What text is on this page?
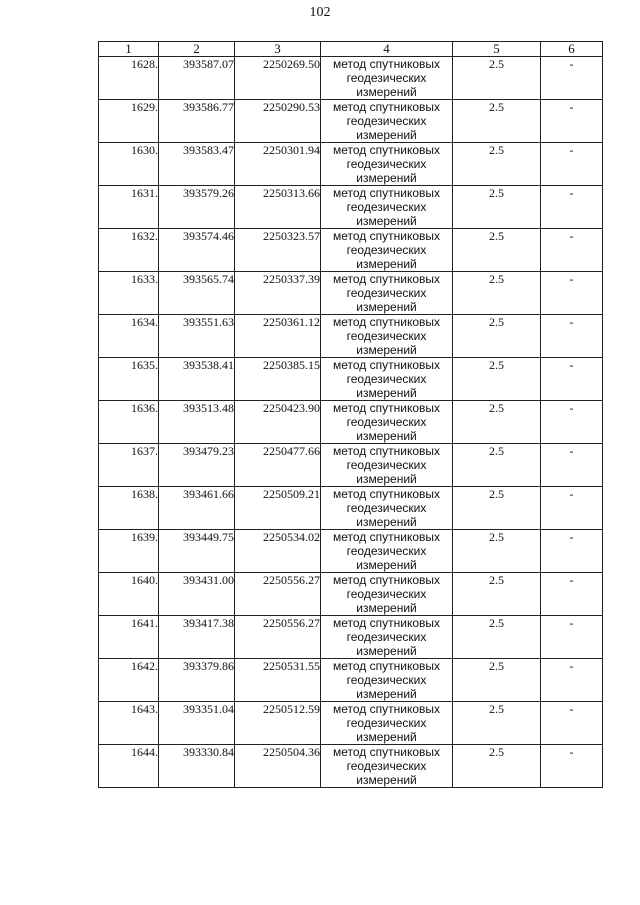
102
1	2	3	4	5	6
1628.	393587.07	2250269.50	метод спутниковых геодезических измерений	2.5	-
1629.	393586.77	2250290.53	метод спутниковых геодезических измерений	2.5	-
1630.	393583.47	2250301.94	метод спутниковых геодезических измерений	2.5	-
1631.	393579.26	2250313.66	метод спутниковых геодезических измерений	2.5	-
1632.	393574.46	2250323.57	метод спутниковых геодезических измерений	2.5	-
1633.	393565.74	2250337.39	метод спутниковых геодезических измерений	2.5	-
1634.	393551.63	2250361.12	метод спутниковых геодезических измерений	2.5	-
1635.	393538.41	2250385.15	метод спутниковых геодезических измерений	2.5	-
1636.	393513.48	2250423.90	метод спутниковых геодезических измерений	2.5	-
1637.	393479.23	2250477.66	метод спутниковых геодезических измерений	2.5	-
1638.	393461.66	2250509.21	метод спутниковых геодезических измерений	2.5	-
1639.	393449.75	2250534.02	метод спутниковых геодезических измерений	2.5	-
1640.	393431.00	2250556.27	метод спутниковых геодезических измерений	2.5	-
1641.	393417.38	2250556.27	метод спутниковых геодезических измерений	2.5	-
1642.	393379.86	2250531.55	метод спутниковых геодезических измерений	2.5	-
1643.	393351.04	2250512.59	метод спутниковых геодезических измерений	2.5	-
1644.	393330.84	2250504.36	метод спутниковых геодезических измерений	2.5	-
